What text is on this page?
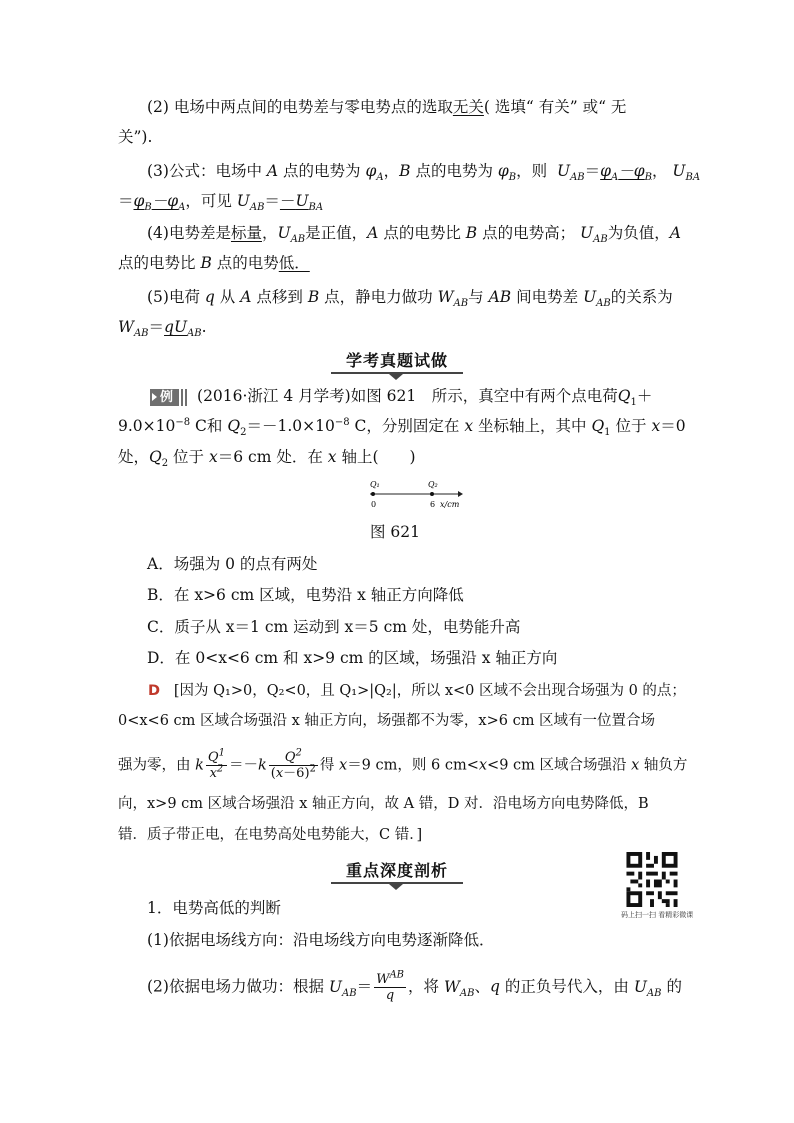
(2) 电场中两点间的电势差与零电势点的选取无关( 选填“ 有关” 或“ 无
关”).
(3)公式：电场中 A 点的电势为 $\varphi_A$，B 点的电势为 $\varphi_B$，则 $U_{AB}=\varphi_A-\varphi_B$， $U_{BA}$
$=\varphi_B-\varphi_A$，可见 $U_{AB}=-U_{BA}$
(4)电势差是标量，$U_{AB}$是正值，A 点的电势比 B 点的电势高； $U_{AB}$为负值，A
点的电势比 B 点的电势低．
(5)电荷 q 从 A 点移到 B 点，静电力做功 $W_{AB}$与 AB 间电势差 $U_{AB}$的关系为
$W_{AB}=qU_{AB}$.
学考真题试做
例 (2016·浙江 4 月学考)如图 621　所示，真空中有两个点电荷$Q_1+$
$9.0\times 10^{-8}$ C和 $Q_2=-1.0\times 10^{-8}$ C，分别固定在 x 坐标轴上，其中 $Q_1$ 位于 x＝0
处，$Q_2$ 位于 x＝6 cm 处．在 x 轴上(　　)
Q₁	Q₂
0	6 x/cm
图 621
A．场强为 0 的点有两处
B．在 x>6 cm 区域，电势沿 x 轴正方向降低
C．质子从 x＝1 cm 运动到 x＝5 cm 处，电势能升高
D．在 0<x<6 cm 和 x>9 cm 的区域，场强沿 x 轴正方向
D [因为 Q₁>0，Q₂<0，且 Q₁>|Q₂|，所以 x<0 区域不会出现合场强为 0 的点；
0<x<6 cm 区域合场强沿 x 轴正方向，场强都不为零，x>6 cm 区域有一位置合场
强为零，由 k $\frac{Q^1}{x^2} =-k \frac{Q^2}{(x-6)^2}$ 得 x＝9 cm，则 6 cm<x<9 cm 区域合场强沿 x 轴负方
向，x>9 cm 区域合场强沿 x 轴正方向，故 A 错，D 对．沿电场方向电势降低，B
错．质子带正电，在电势高处电势能大，C 错．]
重点深度剖析
码上扫一扫 看精彩微课
1．电势高低的判断
(1)依据电场线方向：沿电场线方向电势逐渐降低．
(2)依据电场力做功：根据 $U_{AB}= \frac{W^{AB}}{q}$ ，将 $W_{AB}$、q 的正负号代入，由 $U_{AB}$ 的
